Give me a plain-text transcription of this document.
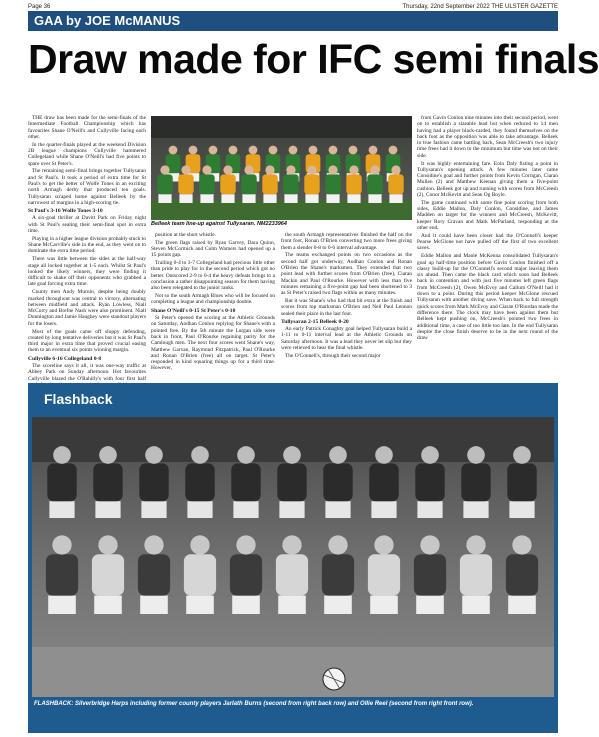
Page 36	Thursday, 22nd September 2022 THE ULSTER GAZETTE
GAA by JOE McMANUS
Draw made for IFC semi finals

THE draw has been made for the semi-finals of the Intermediate Football Championship which has favourites Shane O'Neill's and Cullyville facing each other.

In the quarter-finals played at the weekend Division 2B league champions Cullyville hammered Collegeland while Shane O'Neill's had five points to spare over St Peter's.

The remaining semi-final brings together Tullysaran and St Paul's. It took a period of extra time for St Paul's to get the better of Wolfe Tones in an exciting north Armagh derby that produced ten goals. Tullysaran scraped home against Belleek by the narrowest of margins in a high-scoring tie.

St Paul's 3-16 Wolfe Tones 3-10

A six-goal thriller at Davitt Park on Friday night with St Paul's sealing their semi-final spot in extra time.

Playing in a higher league division probably stuck to Shane McCarville's side in the end, as they went on to dominate the extra time period.

There was little between the sides at the half-way stage all locked together at 1-5 each. Whilst St Paul's looked the likely winners, they were finding it difficult to shake off their opponents who grabbed a late goal forcing extra time.

County men Andy Murnin, despite being doubly marked throughout was central to victory, alternating between midfield and attack. Ryan Lowless, Niall McCorry and Brefne Nash were also prominent. Niall Dunnington and Jamie Haughey were standout players for the losers.

Most of the goals came off sloppy defending, created by long tentative deliveries but it was St Paul's third major in extra time that proved crucial easing them to an eventual six points winning margin.

Cullyville 6-16 Collegeland 0-8

The scoreline says it all, it was one-way traffic at Abbey Park on Sunday afternoon. Hot favourites Cullyville blazed the O'Rahilly's with four first half

position at the short whistle.

The green flags raised by Ryan Garvey, Dara Quinn, Steven McCormick and Colm Warners had opened up a 15 points gap.

Trailing 0-4 to 3-7 Collegeland had precious little other than pride to play for in the second period which got no better. Outscored 2-9 to 0-4 the heavy defeats brings to a conclusion a rather disappointing season for them having also been relegated to the junior ranks.

Not so the south Armagh Blues who will be focused on completing a league and championship double.

Shane O'Neill's 0-15 St Peter's 0-10

St Peter's opened the scoring at the Athletic Grounds on Saturday, Aodhan Conlon replying for Shane's with a pointed free. By the 5th minute the Lurgan side were back in front, Paul O'Rourke regaining parity for the Camlough men. The next four scores went Shane's way, Matthew Garvan, Raymond Fitzpatrick, Paul O'Rourke and Ronan O'Brien (free) all on target. St Peter's responded in kind squaring things up for a third time. However,

the south Armagh representatives finished the half on the front foot, Ronan O'Brien converting two more frees giving them a slender 0-8 to 0-6 interval advantage.

The teams exchanged points on two occasions as the second half got underway, Aodhan Conlon and Ronan O'Brien the Shane's marksmen. They extended that two point lead with further scores from O'Brien (free), Ciaran Mackin and Paul O'Rourke. However with less than five minutes remaining a five-point gap had been shortened to 3 as St Peter's raised two flags within as many minutes.

But it was Shane's who had that bit extra at the finish and scores from top marksman O'Brien and Neil Paul Lennon sealed their place in the last four.

Tullysaran 2-15 Belleek 0-20

An early Patrick Conaghty goal helped Tullysaran build a 1-11 to 0-11 interval lead at the Athletic Grounds on Saturday afternoon. It was a lead they never let slip but they were relieved to hear the final whistle.

The O'Connell's, through their second major

from Gavin Conlon nine minutes into their second period, went on to establish a sizeable lead but when reduced to 14 men having had a player black-carded, they found themselves on the back foot as the opposition was able to take advantage. Belleek in true fashion came battling back, Sean McCreesh's two injury time frees had it down to the minimum but time was not on their side.

It was highly entertaining fare. Eoin Daly fisting a point in Tullysaran's opening attack. A few minutes later came Considine's goal and further points from Kevin Corrigan, Ciaran Mullen (2) and Matthew Keenan giving them a five-point cushion. Belleek got up and running with scores from McCreesh (2), Conor McKevitt and Sean Og Boyle.

The game continued with some fine point scoring from both sides, Eddie Mallon, Daly Conlon, Considine, and James Madden on target for the winners and McCreesh, McKevitt, keeper Rory Cravan and Mark McParland, responding at the other end.

And it could have been closer had the O'Connell's keeper Pearse McGlone not have pulled off the first of two excellent saves.

Eddie Mallon and Maolé McKenna consolidated Tullysaran's goal up half-time position before Gavin Conlon finished off a classy build-up for the O'Connell's second major leaving them six ahead. Then came the black card which soon had Belleek back in contention and with just five minutes left green flags from McCreesh (2), Owen McEvoy and Callum O'Neill had it down to a point. During this period keeper McGlone rescued Tullysaran with another diving save. When back to full strength quick scores from Mark McEvoy and Ciaran O'Riordan made the difference there. The clock may have been against them but Belleek kept pushing on, McCreesh's pointed two frees in additional time, a case of too little too late. In the end Tullysaran despite the close finish deserve to be in the next round of the draw

Belleek team line-up against Tullysaran. NM2233964
Flashback
FLASHBACK: Silverbridge Harps including former county players Jarlath Burns (second from right back row) and Ollie Reel (second from right front row).
